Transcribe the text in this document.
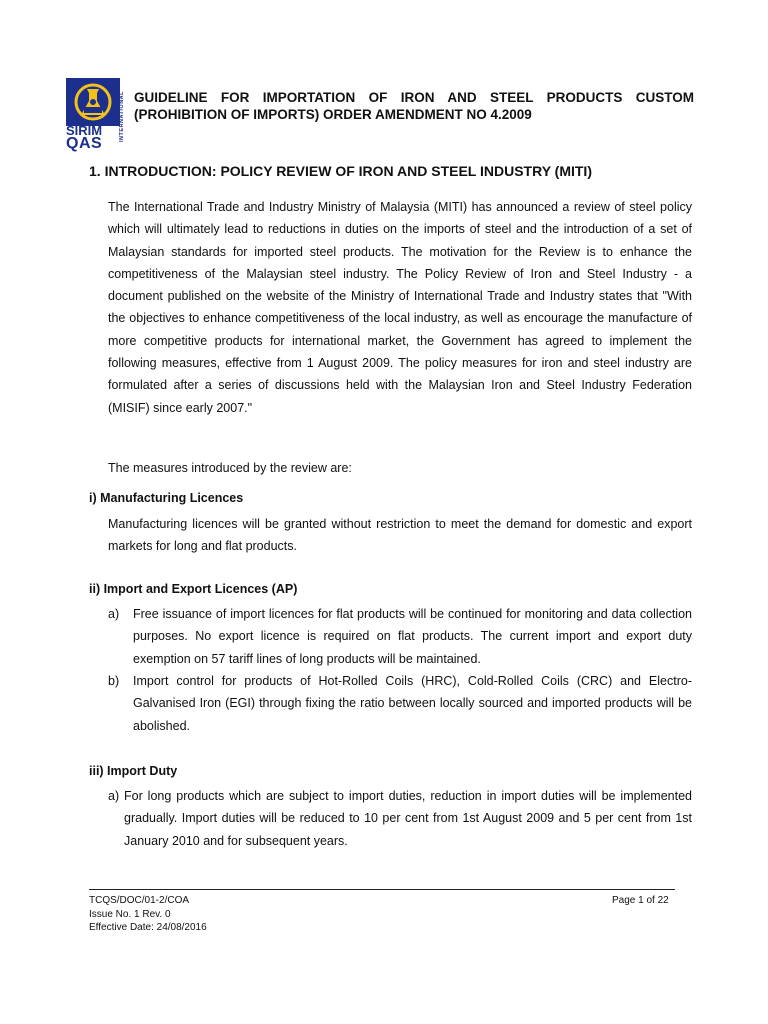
SIRIM
QAS
INTERNATIONAL GUIDELINE FOR IMPORTATION OF IRON AND STEEL PRODUCTS CUSTOM (PROHIBITION OF IMPORTS) ORDER AMENDMENT NO 4.2009
1. INTRODUCTION: POLICY REVIEW OF IRON AND STEEL INDUSTRY (MITI)
The International Trade and Industry Ministry of Malaysia (MITI) has announced a review of steel policy which will ultimately lead to reductions in duties on the imports of steel and the introduction of a set of Malaysian standards for imported steel products. The motivation for the Review is to enhance the competitiveness of the Malaysian steel industry. The Policy Review of Iron and Steel Industry - a document published on the website of the Ministry of International Trade and Industry states that "With the objectives to enhance competitiveness of the local industry, as well as encourage the manufacture of more competitive products for international market, the Government has agreed to implement the following measures, effective from 1 August 2009. The policy measures for iron and steel industry are formulated after a series of discussions held with the Malaysian Iron and Steel Industry Federation (MISIF) since early 2007."
The measures introduced by the review are:
i) Manufacturing Licences
Manufacturing licences will be granted without restriction to meet the demand for domestic and export markets for long and flat products.
ii) Import and Export Licences (AP)
a) Free issuance of import licences for flat products will be continued for monitoring and data collection purposes. No export licence is required on flat products. The current import and export duty exemption on 57 tariff lines of long products will be maintained.
b) Import control for products of Hot-Rolled Coils (HRC), Cold-Rolled Coils (CRC) and Electro-Galvanised Iron (EGI) through fixing the ratio between locally sourced and imported products will be abolished.
iii) Import Duty
a) For long products which are subject to import duties, reduction in import duties will be implemented gradually. Import duties will be reduced to 10 per cent from 1st August 2009 and 5 per cent from 1st January 2010 and for subsequent years.
TCQS/DOC/01-2/COA
Issue No. 1 Rev. 0
Effective Date: 24/08/2016
Page 1 of 22
